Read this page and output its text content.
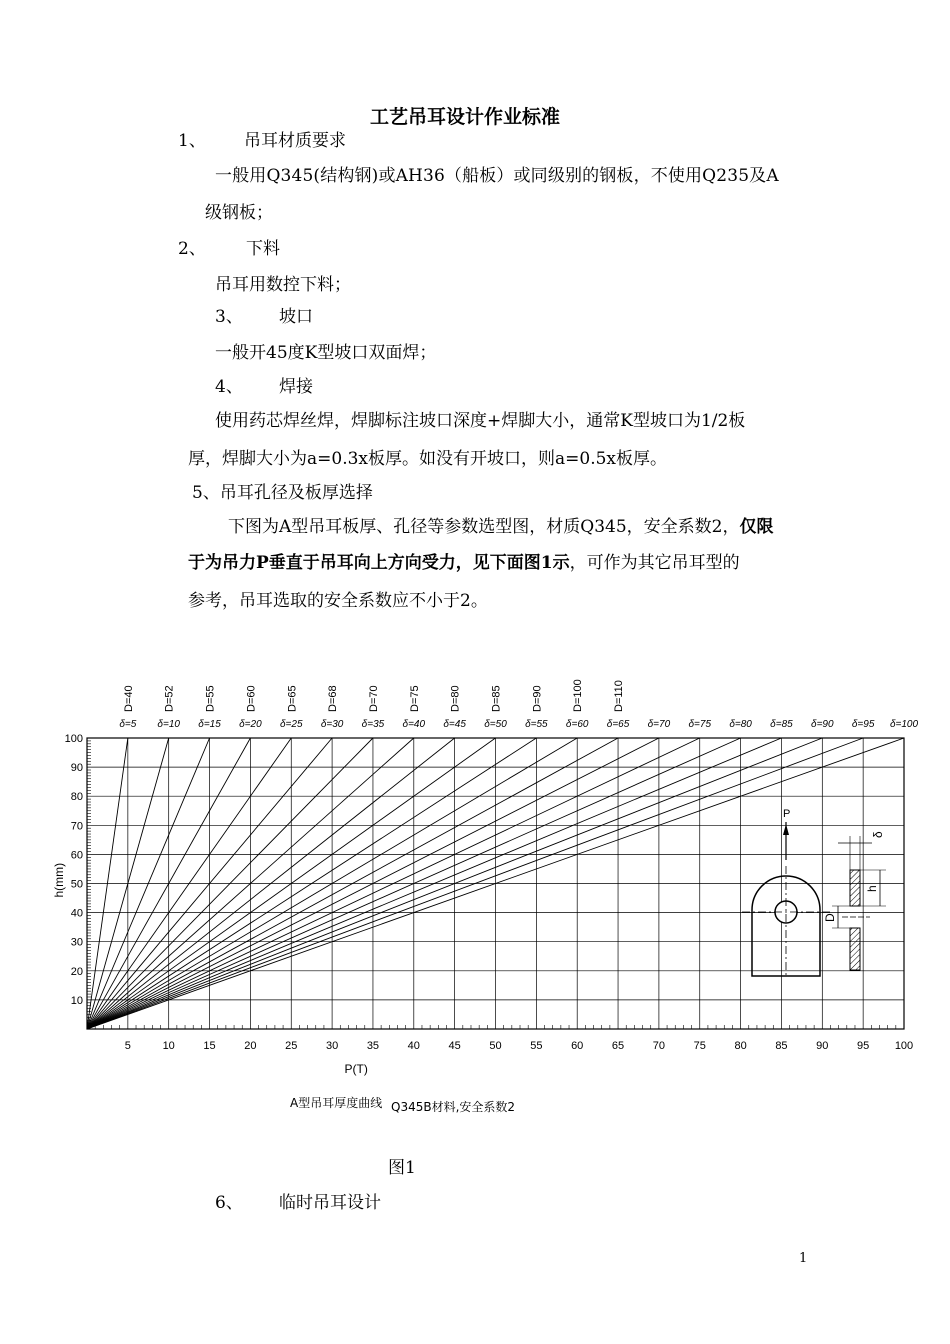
工艺吊耳设计作业标准
1、 吊耳材质要求
一般用Q345(结构钢)或AH36（船板）或同级别的钢板，不使用Q235及A
级钢板；
2、 下料
吊耳用数控下料；
3、 坡口
一般开45度K型坡口双面焊；
4、 焊接
使用药芯焊丝焊，焊脚标注坡口深度+焊脚大小，通常K型坡口为1/2板
厚，焊脚大小为a=0.3x板厚。如没有开坡口，则a=0.5x板厚。
5、吊耳孔径及板厚选择
下图为A型吊耳板厚、孔径等参数选型图，材质Q345，安全系数2，仅限
于为吊力P垂直于吊耳向上方向受力，见下面图1示，可作为其它吊耳型的
参考，吊耳选取的安全系数应不小于2。
5	10	15	20	25	30	35	40	45	50	55	60	65	70	75	80	85	90	95 100
10
20
30
40
50
60
70
80
90
100
δ=5 δ=10 δ=15 δ=20 δ=25 δ=30 δ=35 δ=40 δ=45 δ=50 δ=55 δ=60 δ=65 δ=70 δ=75 δ=80 δ=85 δ=90 δ=95 δ=100
D=40	D=52	D=55	D=60	D=65	D=68	D=70	D=75	D=80	D=85	D=90	D=100	D=110
P(T)
h(mm)
P
δ
h
D
A型吊耳厚度曲线 Q345B材料,安全系数2
图1
6、 临时吊耳设计
1
